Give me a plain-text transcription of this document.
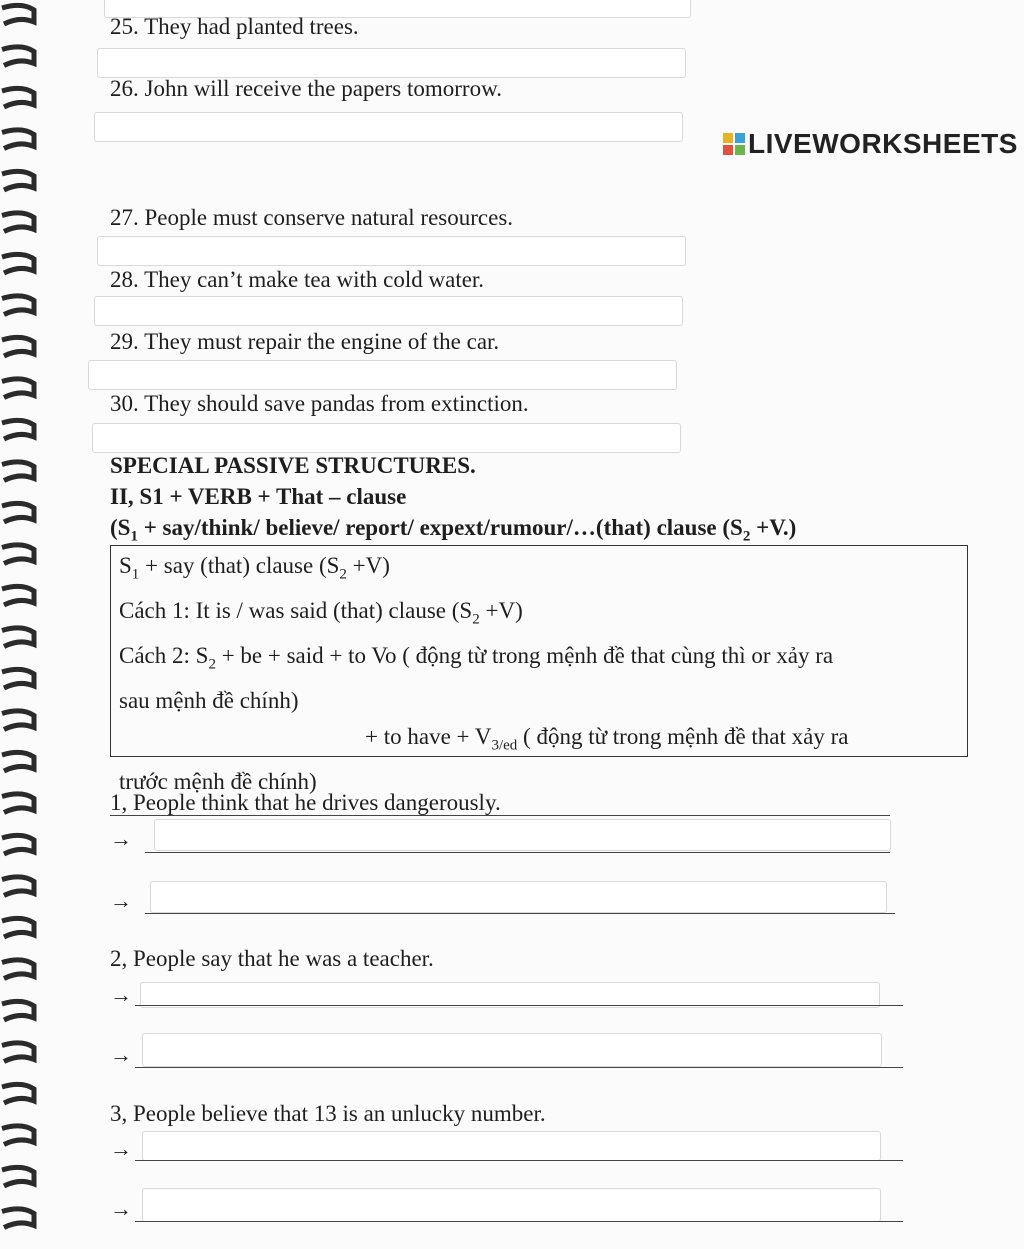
LIVEWORKSHEETS
25. They had planted trees.
26. John will receive the papers tomorrow.
27. People must conserve natural resources.
28. They can’t make tea with cold water.
29. They must repair the engine of the car.
30. They should save pandas from extinction.
SPECIAL PASSIVE STRUCTURES.
II, S1 + VERB + That – clause
($S_1$ + say/think/ believe/ report/ expext/rumour/…(that) clause $(S_2 +V.)$
$S_1$ + say (that) clause $(S_2 +V)$
Cách 1: It is / was said (that) clause $(S_2 +V)$
Cách 2: $S_2$ + be + said + to Vo ( động từ trong mệnh đề that cùng thì or xảy ra
sau mệnh đề chính)
+ to have + $V_{3/ed}$ ( động từ trong mệnh đề that xảy ra
trước mệnh đề chính)
1, People think that he drives dangerously.
→
→
2, People say that he was a teacher.
→
→
3, People believe that 13 is an unlucky number.
→
→
